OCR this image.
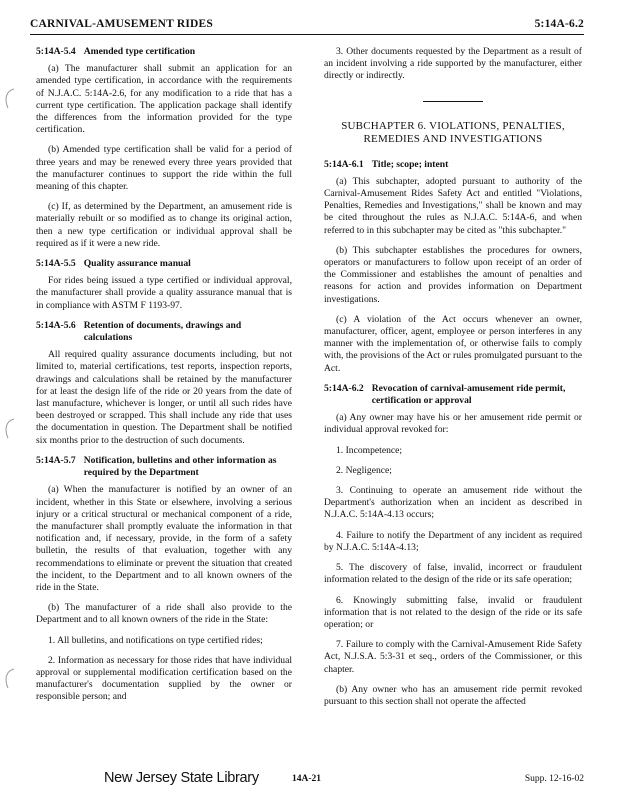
CARNIVAL-AMUSEMENT RIDES	5:14A-6.2
5:14A-5.4 Amended type certification

(a) The manufacturer shall submit an application for an amended type certification, in accordance with the requirements of N.J.A.C. 5:14A-2.6, for any modification to a ride that has a current type certification. The application package shall identify the differences from the information provided for the type certification.

(b) Amended type certification shall be valid for a period of three years and may be renewed every three years provided that the manufacturer continues to support the ride within the full meaning of this chapter.

(c) If, as determined by the Department, an amusement ride is materially rebuilt or so modified as to change its original action, then a new type certification or individual approval shall be required as if it were a new ride.

5:14A-5.5 Quality assurance manual

For rides being issued a type certified or individual approval, the manufacturer shall provide a quality assurance manual that is in compliance with ASTM F 1193-97.

5:14A-5.6 Retention of documents, drawings and calculations

All required quality assurance documents including, but not limited to, material certifications, test reports, inspection reports, drawings and calculations shall be retained by the manufacturer for at least the design life of the ride or 20 years from the date of last manufacture, whichever is longer, or until all such rides have been destroyed or scrapped. This shall include any ride that uses the documentation in question. The Department shall be notified six months prior to the destruction of such documents.

5:14A-5.7 Notification, bulletins and other information as required by the Department

(a) When the manufacturer is notified by an owner of an incident, whether in this State or elsewhere, involving a serious injury or a critical structural or mechanical component of a ride, the manufacturer shall promptly evaluate the information in that notification and, if necessary, provide, in the form of a safety bulletin, the results of that evaluation, together with any recommendations to eliminate or prevent the situation that created the incident, to the Department and to all known owners of the ride in the State.

(b) The manufacturer of a ride shall also provide to the Department and to all known owners of the ride in the State:

1. All bulletins, and notifications on type certified rides;

2. Information as necessary for those rides that have individual approval or supplemental modification certification based on the manufacturer's documentation supplied by the owner or responsible person; and

3. Other documents requested by the Department as a result of an incident involving a ride supported by the manufacturer, either directly or indirectly.

SUBCHAPTER 6. VIOLATIONS, PENALTIES, REMEDIES AND INVESTIGATIONS
5:14A-6.1 Title; scope; intent

(a) This subchapter, adopted pursuant to authority of the Carnival-Amusement Rides Safety Act and entitled "Violations, Penalties, Remedies and Investigations," shall be known and may be cited throughout the rules as N.J.A.C. 5:14A-6, and when referred to in this subchapter may be cited as "this subchapter."

(b) This subchapter establishes the procedures for owners, operators or manufacturers to follow upon receipt of an order of the Commissioner and establishes the amount of penalties and reasons for action and provides information on Department investigations.

(c) A violation of the Act occurs whenever an owner, manufacturer, officer, agent, employee or person interferes in any manner with the implementation of, or otherwise fails to comply with, the provisions of the Act or rules promulgated pursuant to the Act.

5:14A-6.2 Revocation of carnival-amusement ride permit, certification or approval

(a) Any owner may have his or her amusement ride permit or individual approval revoked for:

1. Incompetence;

2. Negligence;

3. Continuing to operate an amusement ride without the Department's authorization when an incident as described in N.J.A.C. 5:14A-4.13 occurs;

4. Failure to notify the Department of any incident as required by N.J.A.C. 5:14A-4.13;

5. The discovery of false, invalid, incorrect or fraudulent information related to the design of the ride or its safe operation;

6. Knowingly submitting false, invalid or fraudulent information that is not related to the design of the ride or its safe operation; or

7. Failure to comply with the Carnival-Amusement Ride Safety Act, N.J.S.A. 5:3-31 et seq., orders of the Commissioner, or this chapter.

(b) Any owner who has an amusement ride permit revoked pursuant to this section shall not operate the affected

New Jersey State Library	14A-21	Supp. 12-16-02
